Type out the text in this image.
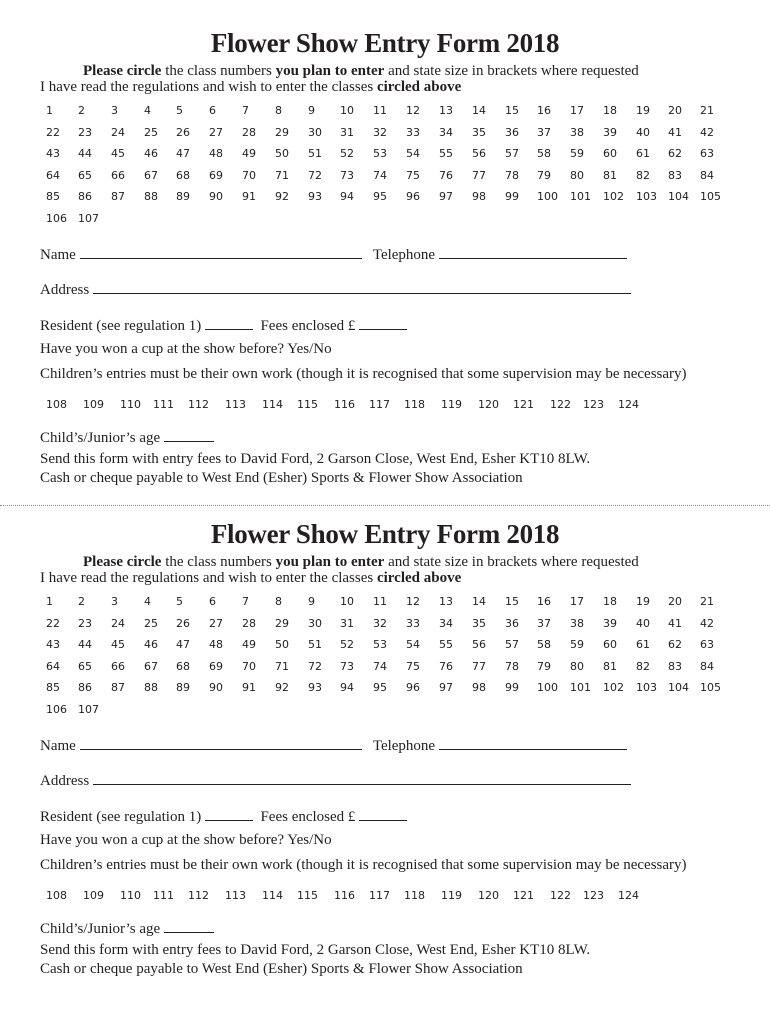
Flower Show Entry Form 2018
Please circle the class numbers you plan to enter and state size in brackets where requested
I have read the regulations and wish to enter the classes circled above
1 2 3 4 5 6 7 8 9 10 11 12 13 14 15 16 17 18 19 20 21
22 23 24 25 26 27 28 29 30 31 32 33 34 35 36 37 38 39 40 41 42
43 44 45 46 47 48 49 50 51 52 53 54 55 56 57 58 59 60 61 62 63
64 65 66 67 68 69 70 71 72 73 74 75 76 77 78 79 80 81 82 83 84
85 86 87 88 89 90 91 92 93 94 95 96 97 98 99 100 101 102 103 104 105
106 107
Name	Telephone
Address
Resident (see regulation 1)	Fees enclosed £
Have you won a cup at the show before? Yes/No
Children’s entries must be their own work (though it is recognised that some supervision may be necessary)
108 109 110 111 112 113 114 115 116 117 118 119 120 121 122 123 124
Child’s/Junior’s age
Send this form with entry fees to David Ford, 2 Garson Close, West End, Esher KT10 8LW.
Cash or cheque payable to West End (Esher) Sports & Flower Show Association
Flower Show Entry Form 2018
Please circle the class numbers you plan to enter and state size in brackets where requested
I have read the regulations and wish to enter the classes circled above
1 2 3 4 5 6 7 8 9 10 11 12 13 14 15 16 17 18 19 20 21
22 23 24 25 26 27 28 29 30 31 32 33 34 35 36 37 38 39 40 41 42
43 44 45 46 47 48 49 50 51 52 53 54 55 56 57 58 59 60 61 62 63
64 65 66 67 68 69 70 71 72 73 74 75 76 77 78 79 80 81 82 83 84
85 86 87 88 89 90 91 92 93 94 95 96 97 98 99 100 101 102 103 104 105
106 107
Name	Telephone
Address
Resident (see regulation 1)	Fees enclosed £
Have you won a cup at the show before? Yes/No
Children’s entries must be their own work (though it is recognised that some supervision may be necessary)
108 109 110 111 112 113 114 115 116 117 118 119 120 121 122 123 124
Child’s/Junior’s age
Send this form with entry fees to David Ford, 2 Garson Close, West End, Esher KT10 8LW.
Cash or cheque payable to West End (Esher) Sports & Flower Show Association
